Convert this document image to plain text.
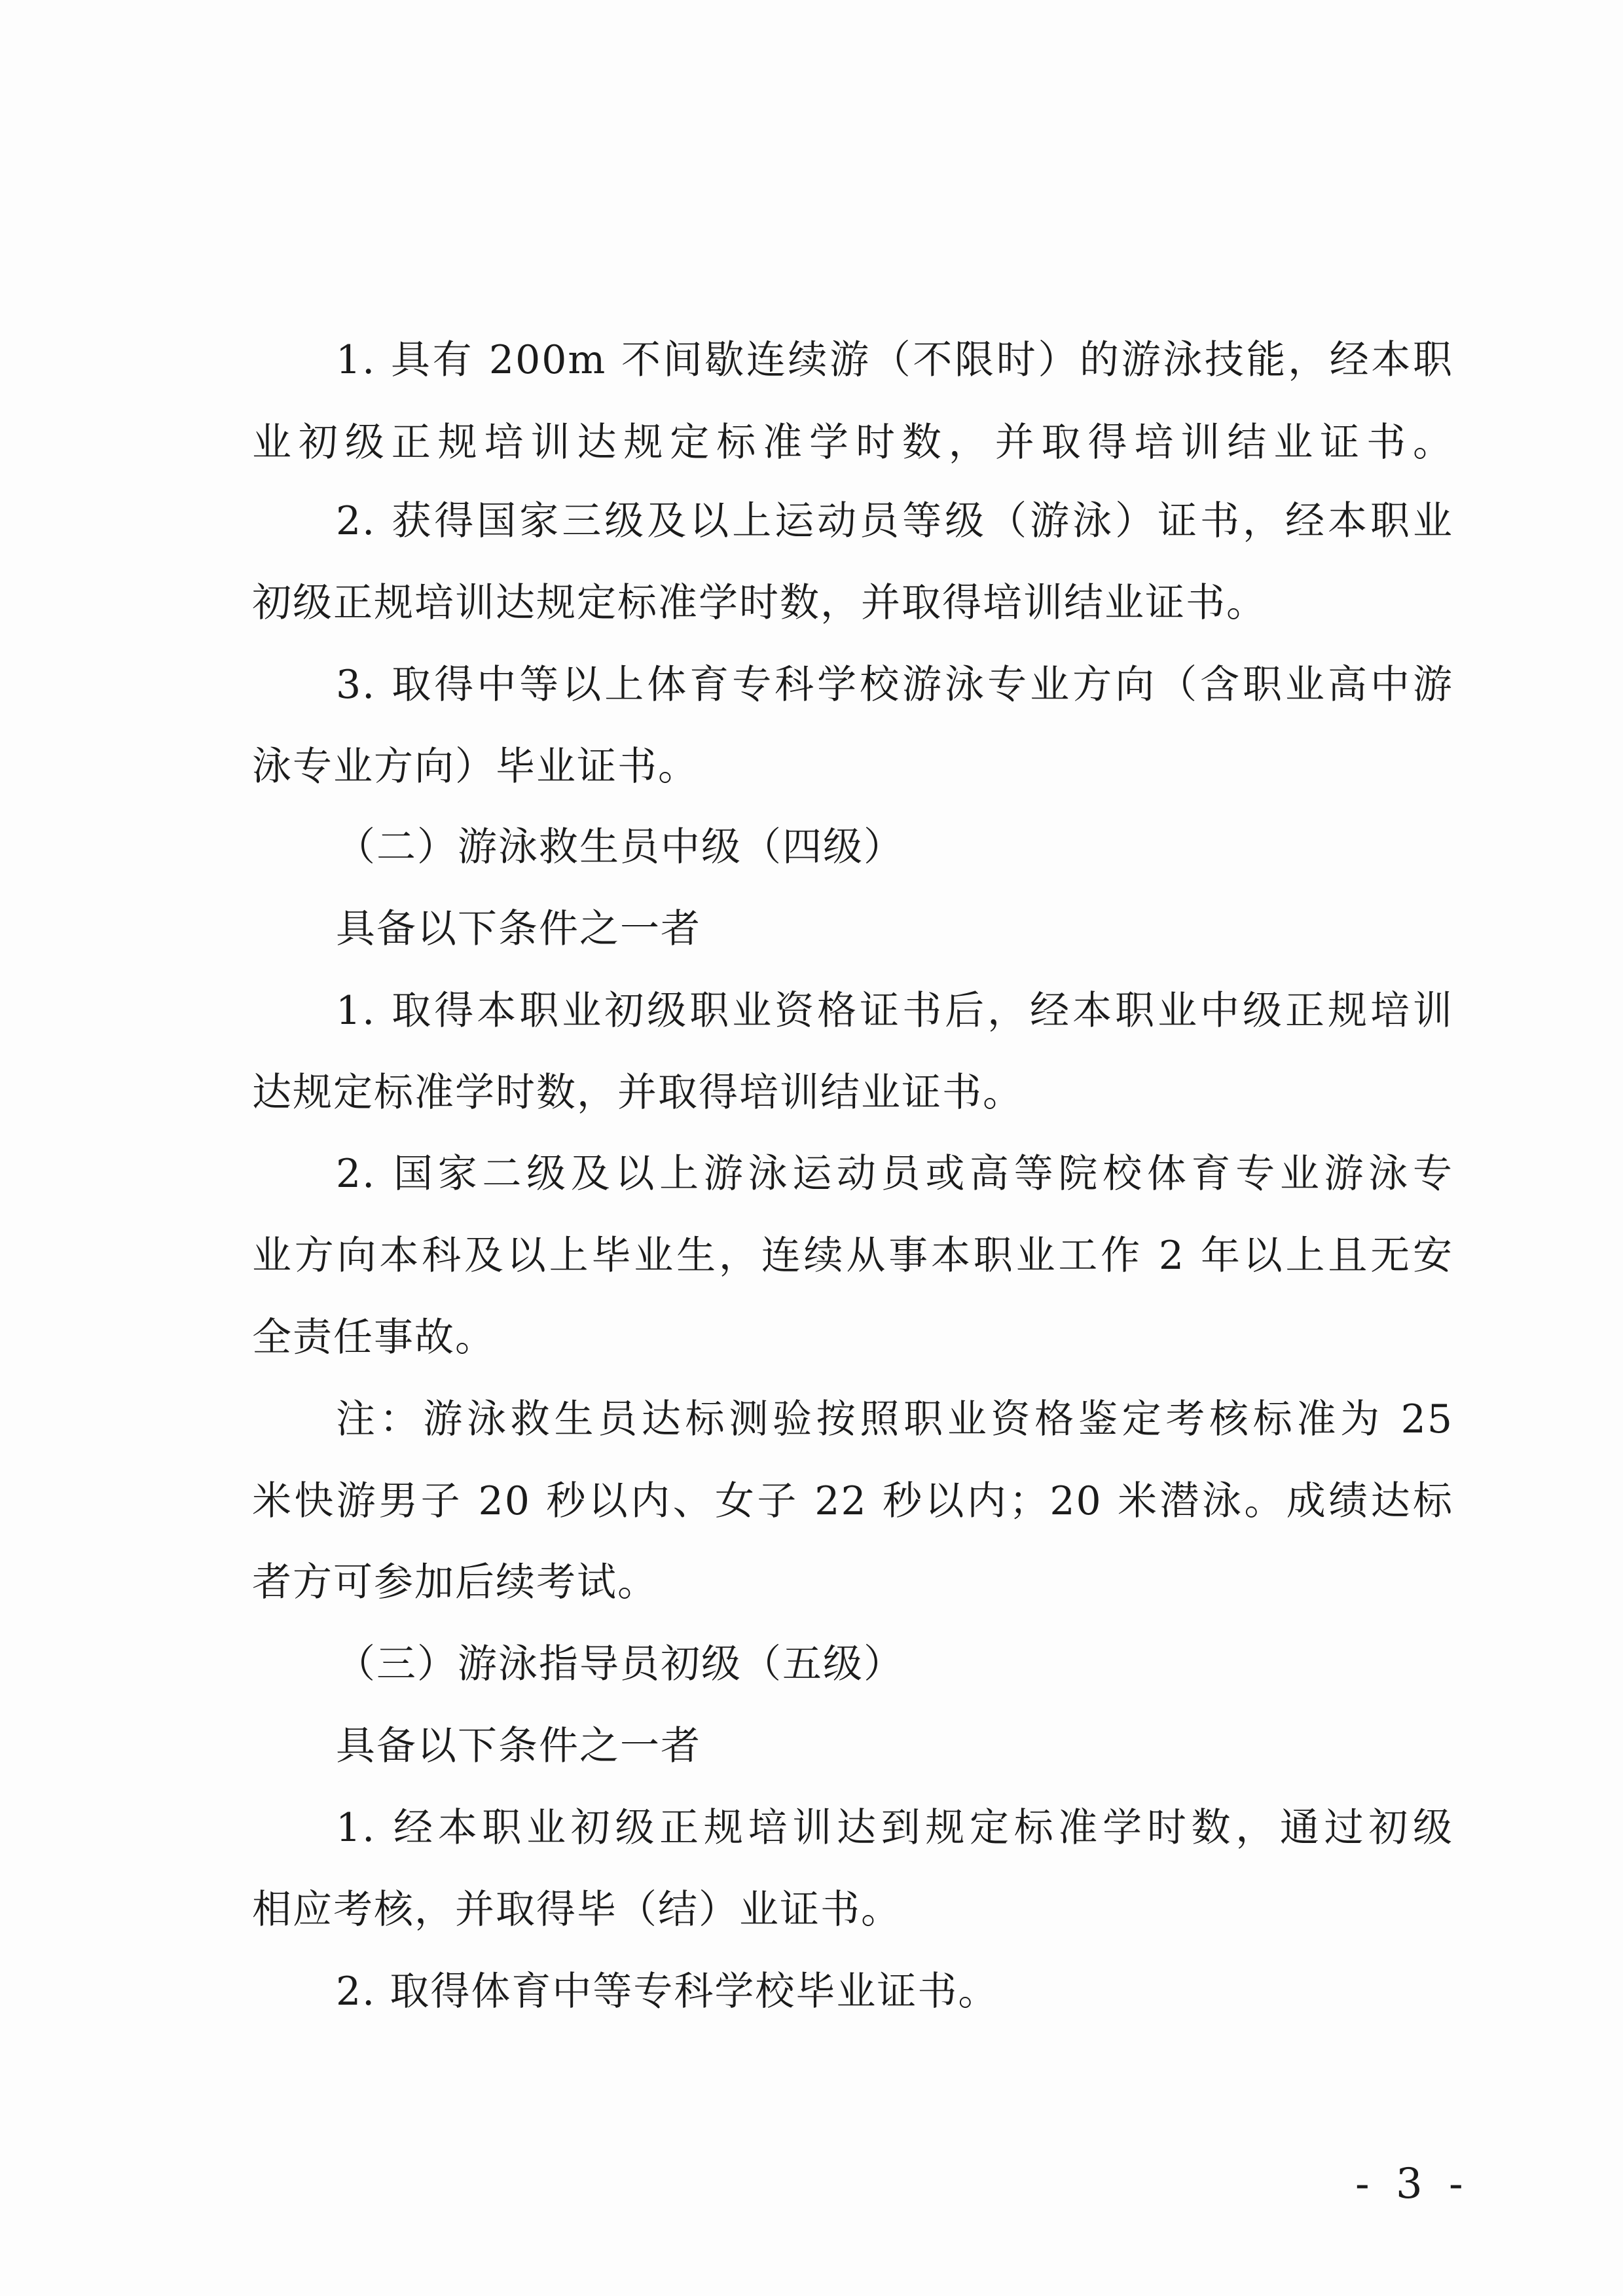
1. 具有 200m 不间歇连续游（不限时）的游泳技能，经本职
业初级正规培训达规定标准学时数，并取得培训结业证书。
2. 获得国家三级及以上运动员等级（游泳）证书，经本职业
初级正规培训达规定标准学时数，并取得培训结业证书。
3. 取得中等以上体育专科学校游泳专业方向（含职业高中游
泳专业方向）毕业证书。
（二）游泳救生员中级（四级）
具备以下条件之一者
1. 取得本职业初级职业资格证书后，经本职业中级正规培训
达规定标准学时数，并取得培训结业证书。
2. 国家二级及以上游泳运动员或高等院校体育专业游泳专
业方向本科及以上毕业生，连续从事本职业工作 2 年以上且无安
全责任事故。
注：游泳救生员达标测验按照职业资格鉴定考核标准为 25
米快游男子 20 秒以内、女子 22 秒以内；20 米潜泳。成绩达标
者方可参加后续考试。
（三）游泳指导员初级（五级）
具备以下条件之一者
1. 经本职业初级正规培训达到规定标准学时数，通过初级
相应考核，并取得毕（结）业证书。
2. 取得体育中等专科学校毕业证书。
- 3 -
